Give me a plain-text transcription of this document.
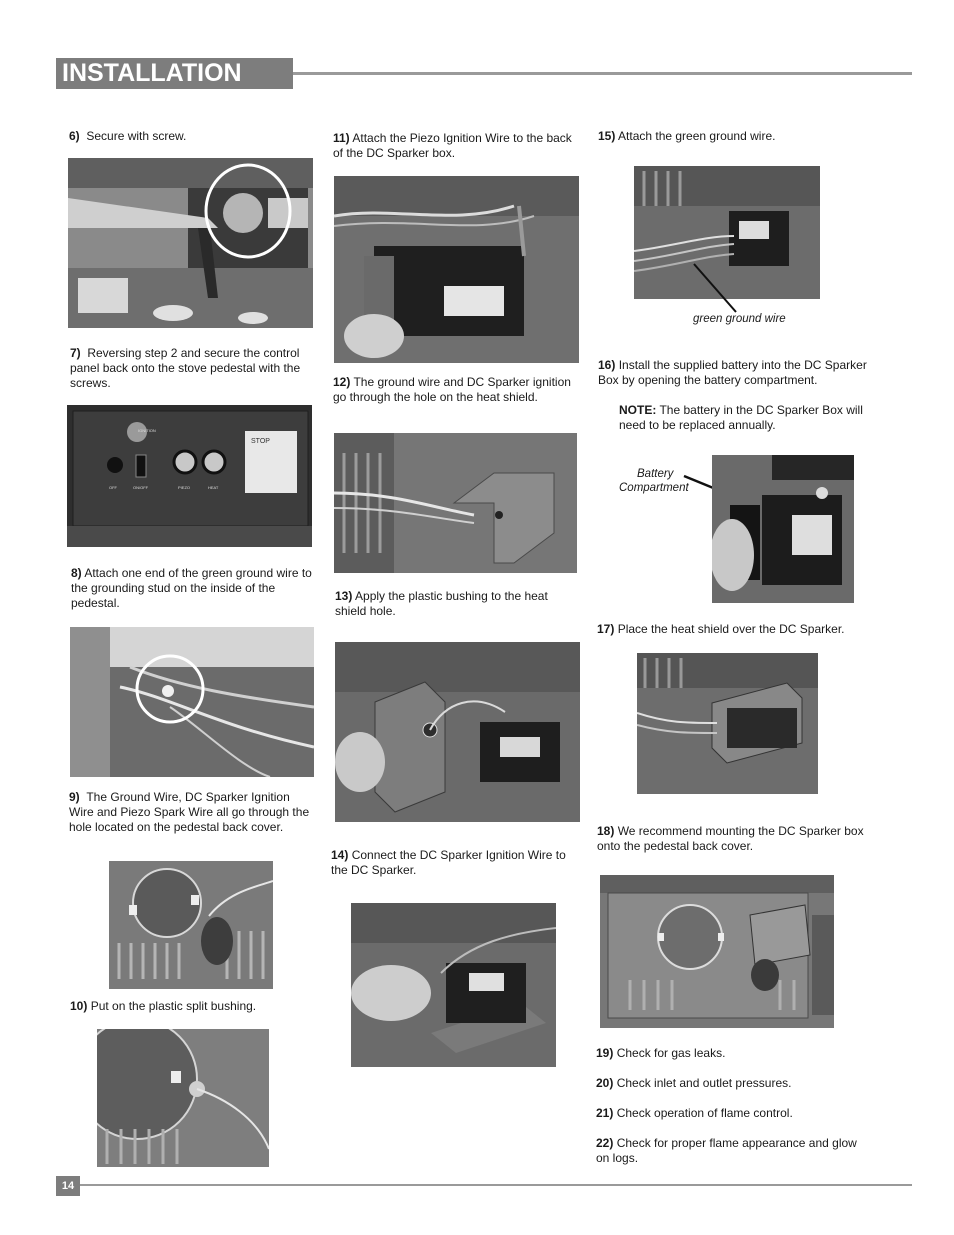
INSTALLATION
6) Secure with screw.
7) Reversing step 2 and secure the control panel back onto the stove pedestal with the screws.
STOP
IGNITION
OFF	ON/OFF	PIEZO	HEAT
8) Attach one end of the green ground wire to the grounding stud on the inside of the pedestal.
9) The Ground Wire, DC Sparker Ignition Wire and Piezo Spark Wire all go through the hole located on the pedestal back cover.
10) Put on the plastic split bushing.
11) Attach the Piezo Ignition Wire to the back of the DC Sparker box.
12) The ground wire and DC Sparker ignition go through the hole on the heat shield.
13) Apply the plastic bushing to the heat shield hole.
14) Connect the DC Sparker Ignition Wire to the DC Sparker.
15) Attach the green ground wire.
green ground wire
16) Install the supplied battery into the DC Sparker Box by opening the battery compartment.
NOTE: The battery in the DC Sparker Box will need to be replaced annually.
Battery
Compartment
17) Place the heat shield over the DC Sparker.
18) We recommend mounting the DC Sparker box onto the pedestal back cover.
19) Check for gas leaks.
20) Check inlet and outlet pressures.
21) Check operation of flame control.
22) Check for proper flame appearance and glow on logs.
14
